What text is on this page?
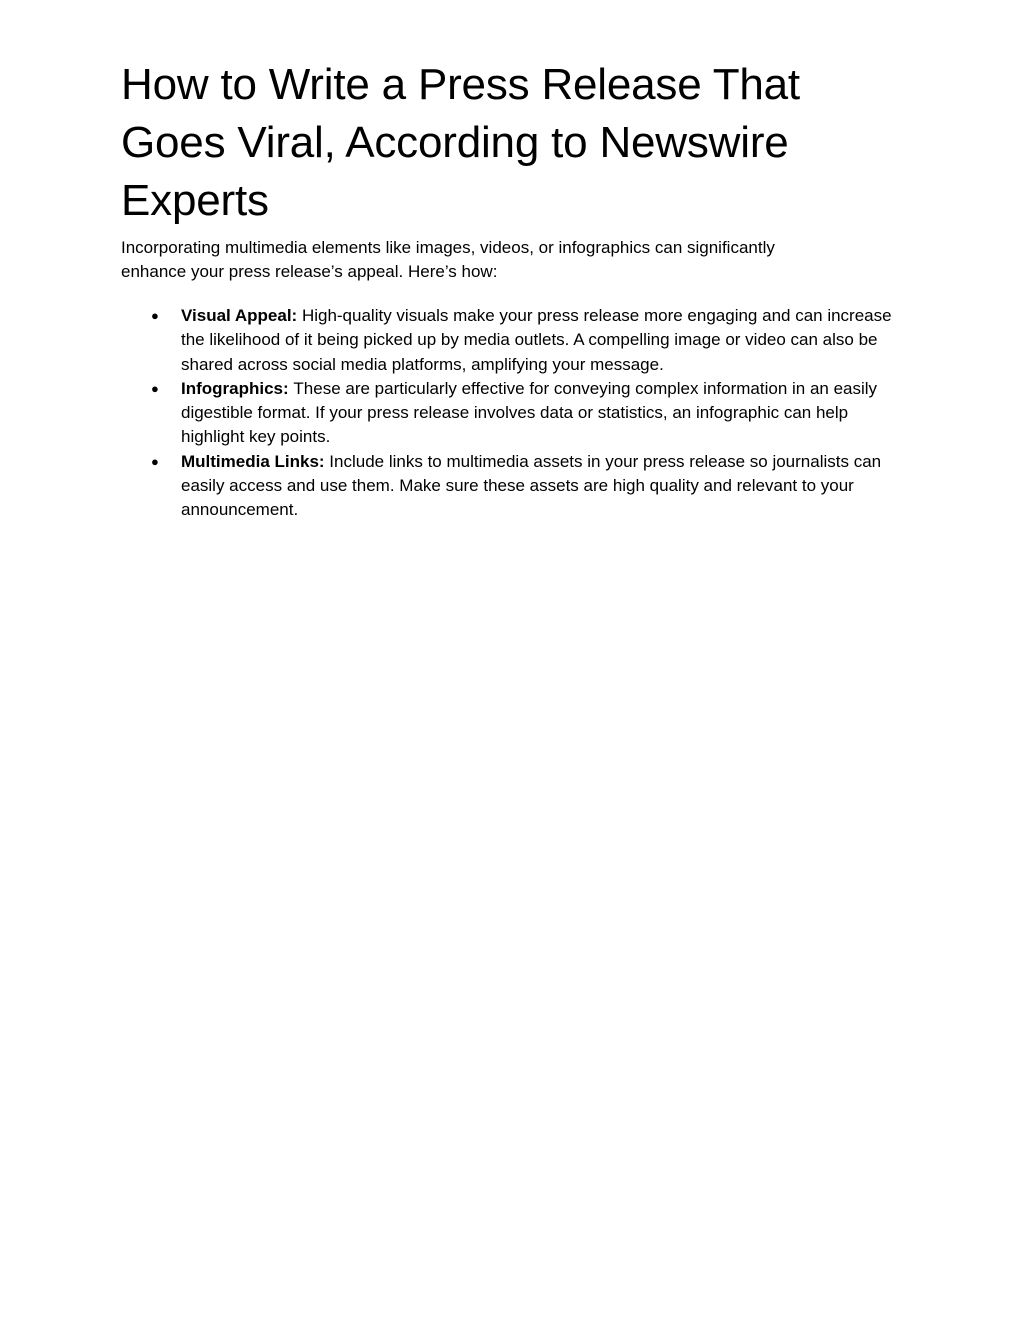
How to Write a Press Release That Goes Viral, According to Newswire Experts

Incorporating multimedia elements like images, videos, or infographics can significantly enhance your press release’s appeal. Here’s how:

● Visual Appeal: High-quality visuals make your press release more engaging and can increase the likelihood of it being picked up by media outlets. A compelling image or video can also be shared across social media platforms, amplifying your message.
● Infographics: These are particularly effective for conveying complex information in an easily digestible format. If your press release involves data or statistics, an infographic can help highlight key points.
● Multimedia Links: Include links to multimedia assets in your press release so journalists can easily access and use them. Make sure these assets are high quality and relevant to your announcement.
